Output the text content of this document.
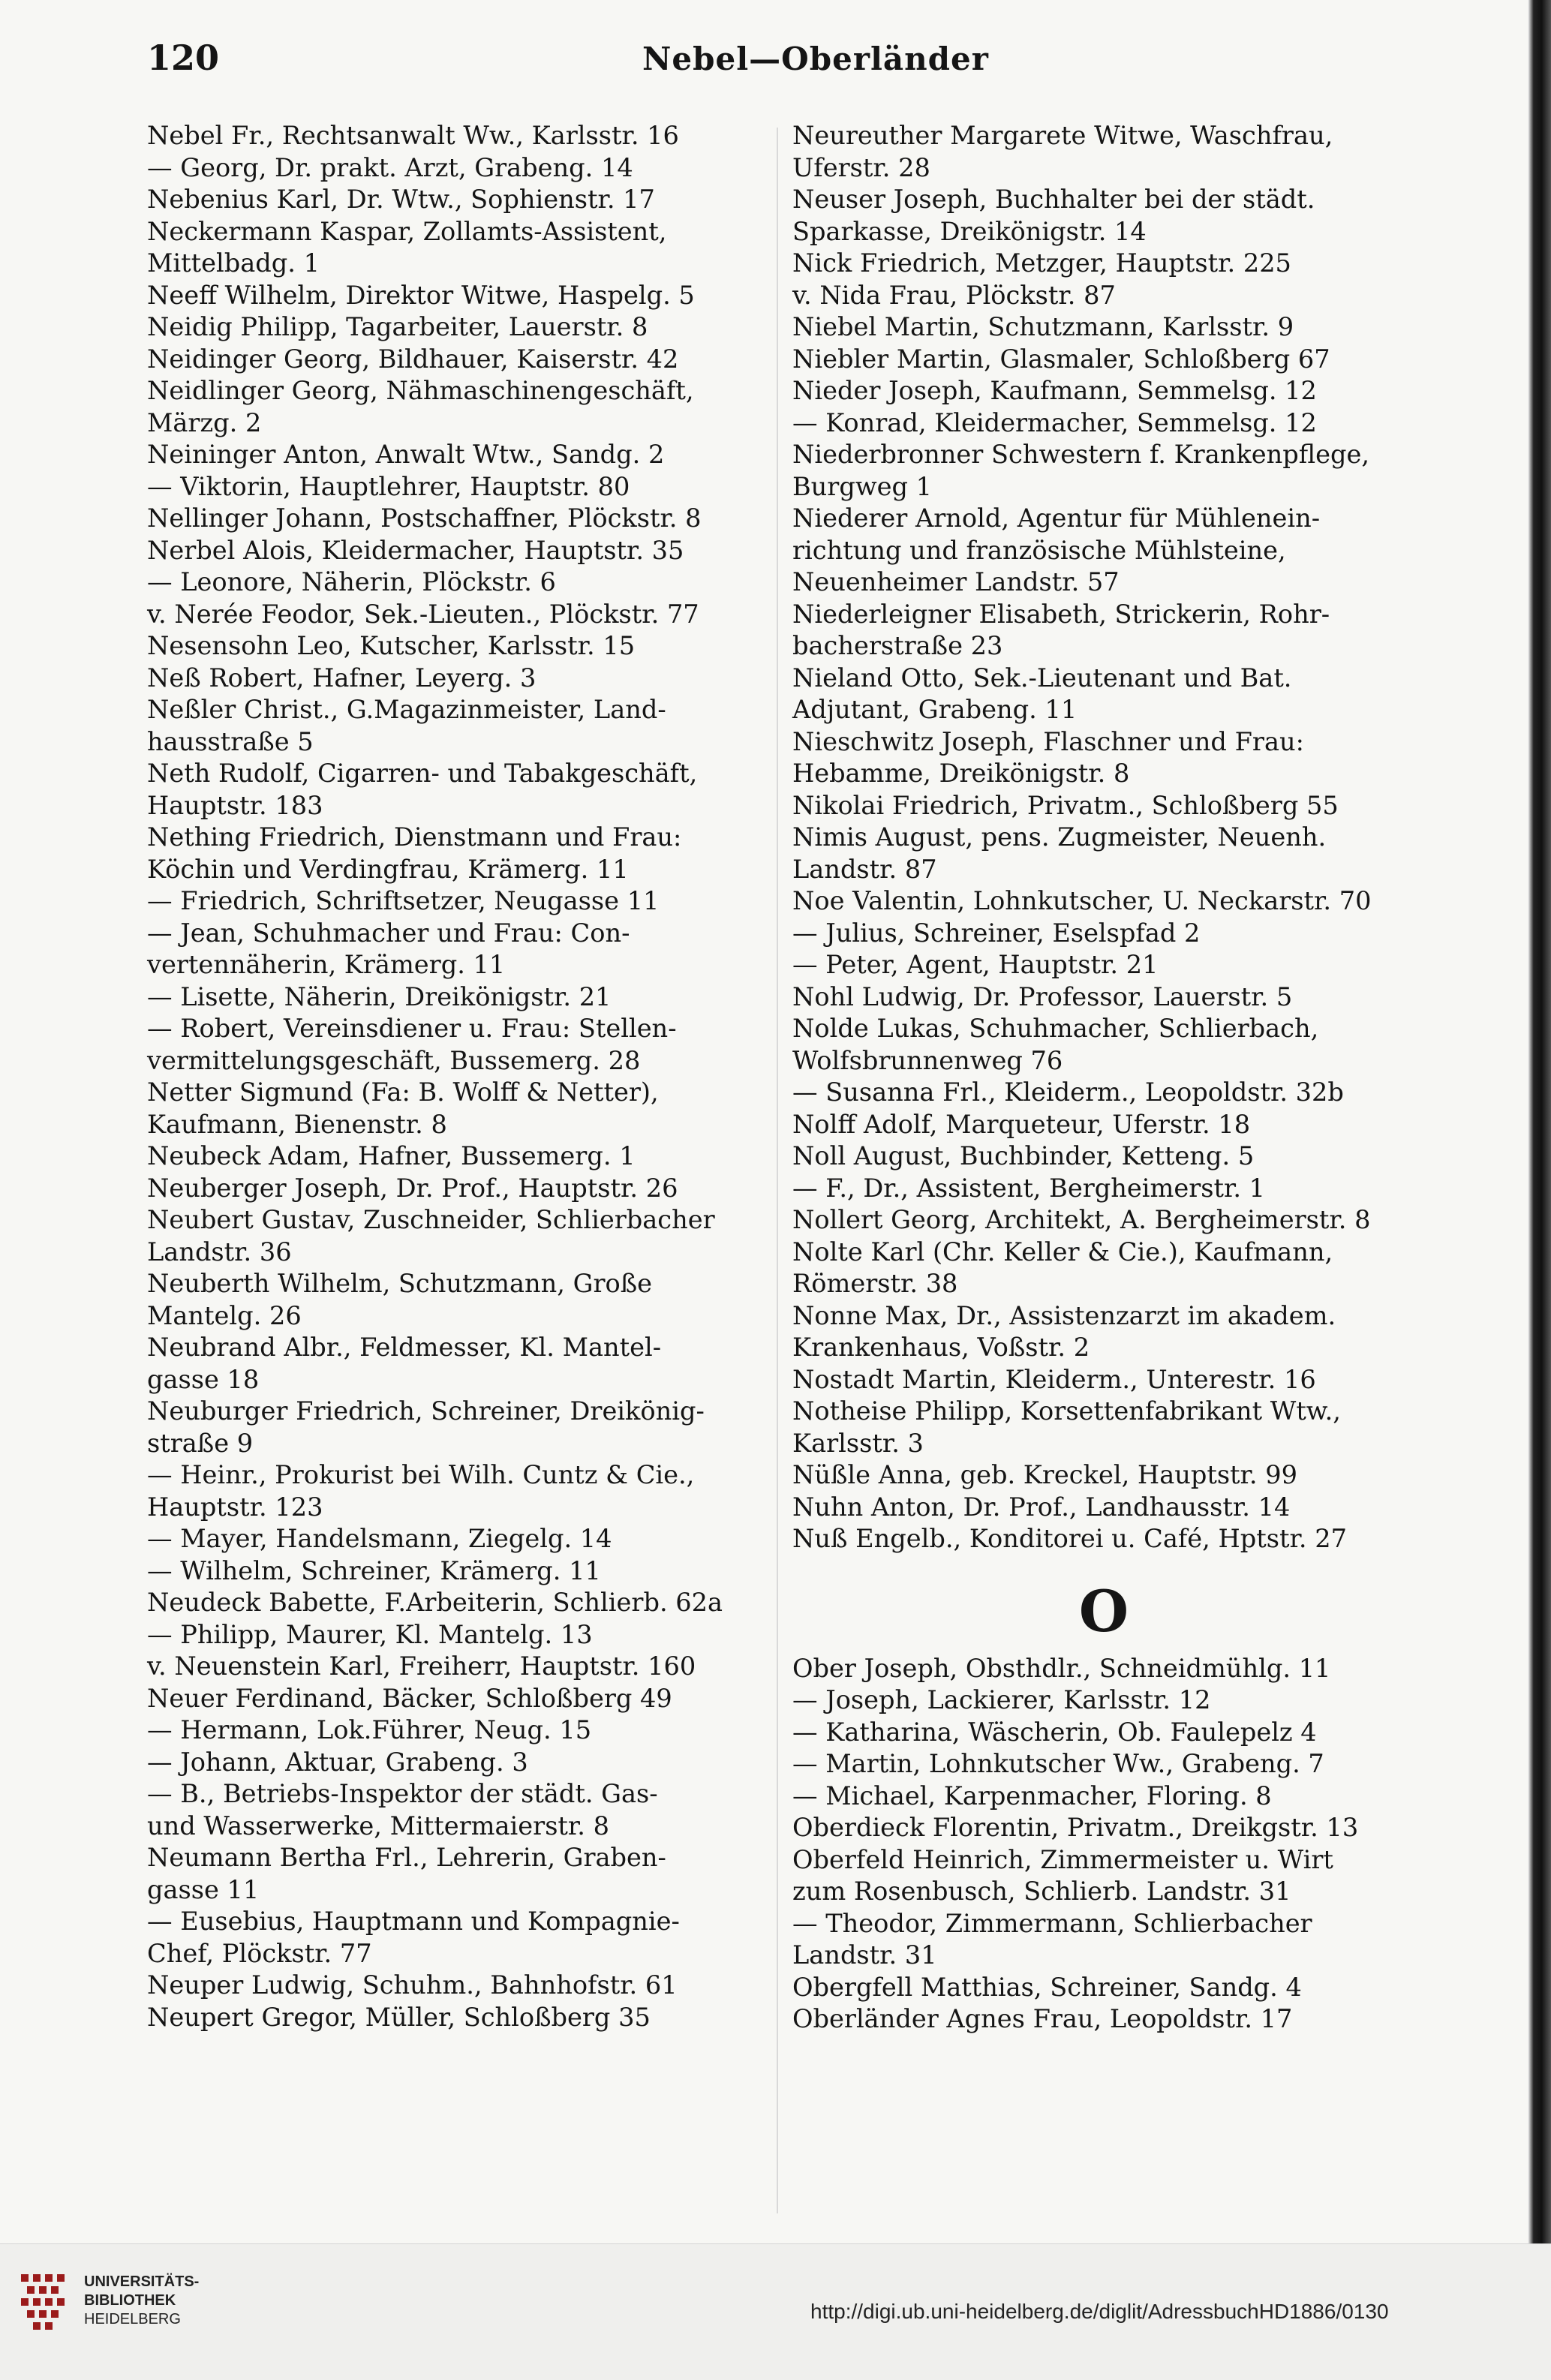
120	Nebel—Oberländer

Nebel Fr., Rechtsanwalt Ww., Karlsstr. 16

— Georg, Dr. prakt. Arzt, Grabeng. 14

Nebenius Karl, Dr. Wtw., Sophienstr. 17

Neckermann Kaspar, Zollamts-Assistent,
Mittelbadg. 1

Neeff Wilhelm, Direktor Witwe, Haspelg. 5

Neidig Philipp, Tagarbeiter, Lauerstr. 8

Neidinger Georg, Bildhauer, Kaiserstr. 42

Neidlinger Georg, Nähmaschinengeschäft,
Märzg. 2

Neininger Anton, Anwalt Wtw., Sandg. 2

— Viktorin, Hauptlehrer, Hauptstr. 80

Nellinger Johann, Postschaffner, Plöckstr. 8

Nerbel Alois, Kleidermacher, Hauptstr. 35

— Leonore, Näherin, Plöckstr. 6

v. Nerée Feodor, Sek.-Lieuten., Plöckstr. 77

Nesensohn Leo, Kutscher, Karlsstr. 15

Neß Robert, Hafner, Leyerg. 3

Neßler Christ., G.Magazinmeister, Land-
hausstraße 5

Neth Rudolf, Cigarren- und Tabakgeschäft,
Hauptstr. 183

Nething Friedrich, Dienstmann und Frau:
Köchin und Verdingfrau, Krämerg. 11

— Friedrich, Schriftsetzer, Neugasse 11

— Jean, Schuhmacher und Frau: Con-
vertennäherin, Krämerg. 11

— Lisette, Näherin, Dreikönigstr. 21

— Robert, Vereinsdiener u. Frau: Stellen-
vermittelungsgeschäft, Bussemerg. 28

Netter Sigmund (Fa: B. Wolff & Netter),
Kaufmann, Bienenstr. 8

Neubeck Adam, Hafner, Bussemerg. 1

Neuberger Joseph, Dr. Prof., Hauptstr. 26

Neubert Gustav, Zuschneider, Schlierbacher
Landstr. 36

Neuberth Wilhelm, Schutzmann, Große
Mantelg. 26

Neubrand Albr., Feldmesser, Kl. Mantel-
gasse 18

Neuburger Friedrich, Schreiner, Dreikönig-
straße 9

— Heinr., Prokurist bei Wilh. Cuntz & Cie.,
Hauptstr. 123

— Mayer, Handelsmann, Ziegelg. 14

— Wilhelm, Schreiner, Krämerg. 11

Neudeck Babette, F.Arbeiterin, Schlierb. 62a

— Philipp, Maurer, Kl. Mantelg. 13

v. Neuenstein Karl, Freiherr, Hauptstr. 160

Neuer Ferdinand, Bäcker, Schloßberg 49

— Hermann, Lok.Führer, Neug. 15

— Johann, Aktuar, Grabeng. 3

— B., Betriebs-Inspektor der städt. Gas-
und Wasserwerke, Mittermaierstr. 8

Neumann Bertha Frl., Lehrerin, Graben-
gasse 11

— Eusebius, Hauptmann und Kompagnie-
Chef, Plöckstr. 77

Neuper Ludwig, Schuhm., Bahnhofstr. 61

Neupert Gregor, Müller, Schloßberg 35

Neureuther Margarete Witwe, Waschfrau,
Uferstr. 28

Neuser Joseph, Buchhalter bei der städt.
Sparkasse, Dreikönigstr. 14

Nick Friedrich, Metzger, Hauptstr. 225

v. Nida Frau, Plöckstr. 87

Niebel Martin, Schutzmann, Karlsstr. 9

Niebler Martin, Glasmaler, Schloßberg 67

Nieder Joseph, Kaufmann, Semmelsg. 12

— Konrad, Kleidermacher, Semmelsg. 12

Niederbronner Schwestern f. Krankenpflege,
Burgweg 1

Niederer Arnold, Agentur für Mühlenein-
richtung und französische Mühlsteine,
Neuenheimer Landstr. 57

Niederleigner Elisabeth, Strickerin, Rohr-
bacherstraße 23

Nieland Otto, Sek.-Lieutenant und Bat.
Adjutant, Grabeng. 11

Nieschwitz Joseph, Flaschner und Frau:
Hebamme, Dreikönigstr. 8

Nikolai Friedrich, Privatm., Schloßberg 55

Nimis August, pens. Zugmeister, Neuenh.
Landstr. 87

Noe Valentin, Lohnkutscher, U. Neckarstr. 70

— Julius, Schreiner, Eselspfad 2

— Peter, Agent, Hauptstr. 21

Nohl Ludwig, Dr. Professor, Lauerstr. 5

Nolde Lukas, Schuhmacher, Schlierbach,
Wolfsbrunnenweg 76

— Susanna Frl., Kleiderm., Leopoldstr. 32b

Nolff Adolf, Marqueteur, Uferstr. 18

Noll August, Buchbinder, Ketteng. 5

— F., Dr., Assistent, Bergheimerstr. 1

Nollert Georg, Architekt, A. Bergheimerstr. 8

Nolte Karl (Chr. Keller & Cie.), Kaufmann,
Römerstr. 38

Nonne Max, Dr., Assistenzarzt im akadem.
Krankenhaus, Voßstr. 2

Nostadt Martin, Kleiderm., Unterestr. 16

Notheise Philipp, Korsettenfabrikant Wtw.,
Karlsstr. 3

Nüßle Anna, geb. Kreckel, Hauptstr. 99

Nuhn Anton, Dr. Prof., Landhausstr. 14

Nuß Engelb., Konditorei u. Café, Hptstr. 27

O

Ober Joseph, Obsthdlr., Schneidmühlg. 11

— Joseph, Lackierer, Karlsstr. 12

— Katharina, Wäscherin, Ob. Faulepelz 4

— Martin, Lohnkutscher Ww., Grabeng. 7

— Michael, Karpenmacher, Floring. 8

Oberdieck Florentin, Privatm., Dreikgstr. 13

Oberfeld Heinrich, Zimmermeister u. Wirt
zum Rosenbusch, Schlierb. Landstr. 31

— Theodor, Zimmermann, Schlierbacher
Landstr. 31

Obergfell Matthias, Schreiner, Sandg. 4

Oberländer Agnes Frau, Leopoldstr. 17

UNIVERSITÄTS-
BIBLIOTHEK
HEIDELBERG	http://digi.ub.uni-heidelberg.de/diglit/AdressbuchHD1886/0130
